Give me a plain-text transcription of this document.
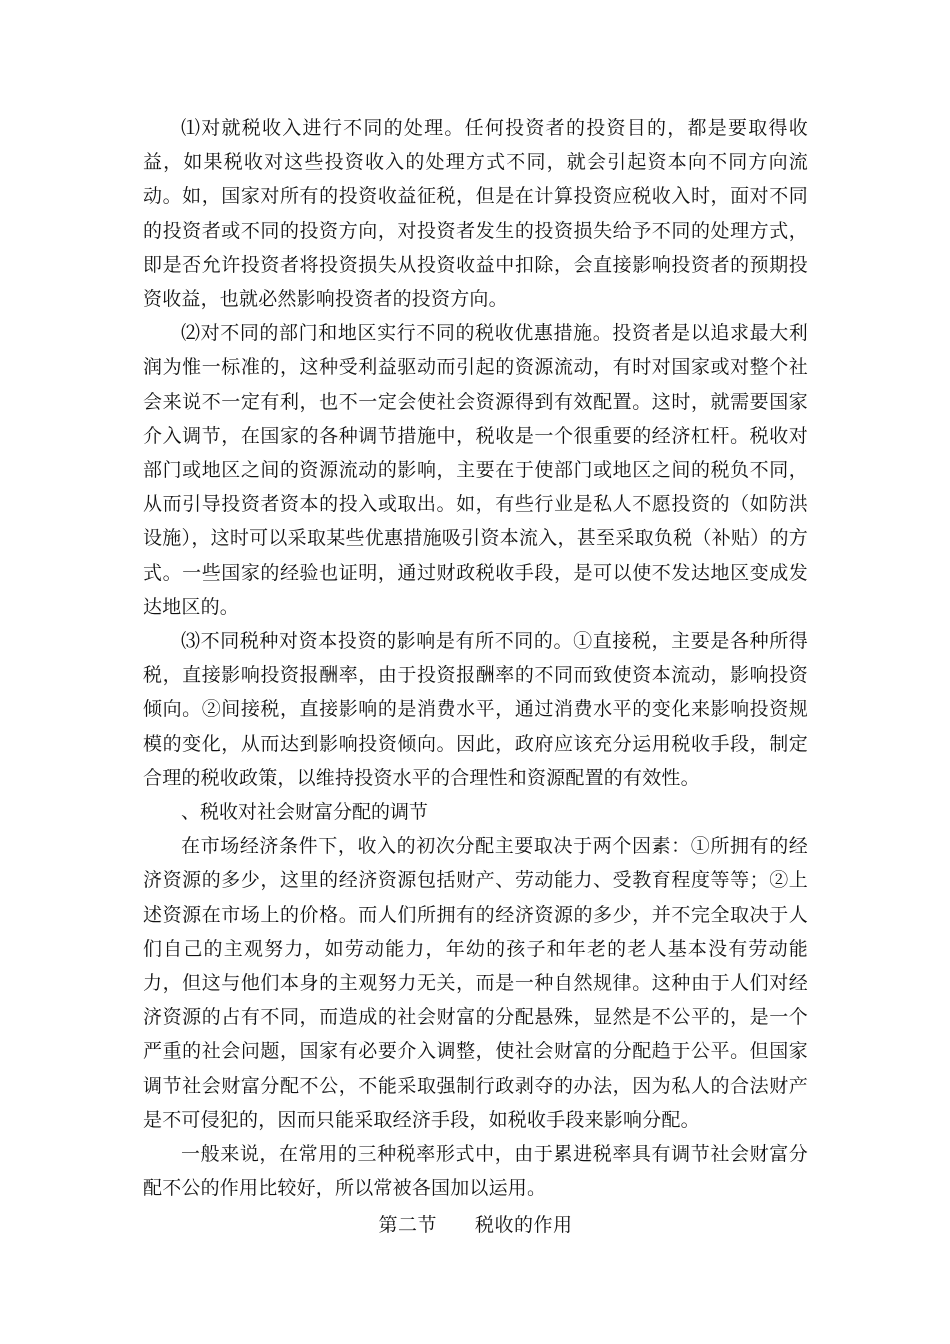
⑴对就税收入进行不同的处理。任何投资者的投资目的，都是要取得收益，如果税收对这些投资收入的处理方式不同，就会引起资本向不同方向流动。如，国家对所有的投资收益征税，但是在计算投资应税收入时，面对不同的投资者或不同的投资方向，对投资者发生的投资损失给予不同的处理方式，即是否允许投资者将投资损失从投资收益中扣除，会直接影响投资者的预期投资收益，也就必然影响投资者的投资方向。

⑵对不同的部门和地区实行不同的税收优惠措施。投资者是以追求最大利润为惟一标准的，这种受利益驱动而引起的资源流动，有时对国家或对整个社会来说不一定有利，也不一定会使社会资源得到有效配置。这时，就需要国家介入调节，在国家的各种调节措施中，税收是一个很重要的经济杠杆。税收对部门或地区之间的资源流动的影响，主要在于使部门或地区之间的税负不同，从而引导投资者资本的投入或取出。如，有些行业是私人不愿投资的（如防洪设施），这时可以采取某些优惠措施吸引资本流入，甚至采取负税（补贴）的方式。一些国家的经验也证明，通过财政税收手段，是可以使不发达地区变成发达地区的。

⑶不同税种对资本投资的影响是有所不同的。①直接税，主要是各种所得税，直接影响投资报酬率，由于投资报酬率的不同而致使资本流动，影响投资倾向。②间接税，直接影响的是消费水平，通过消费水平的变化来影响投资规模的变化，从而达到影响投资倾向。因此，政府应该充分运用税收手段，制定合理的税收政策，以维持投资水平的合理性和资源配置的有效性。

、税收对社会财富分配的调节

在市场经济条件下，收入的初次分配主要取决于两个因素：①所拥有的经济资源的多少，这里的经济资源包括财产、劳动能力、受教育程度等等；②上述资源在市场上的价格。而人们所拥有的经济资源的多少，并不完全取决于人们自己的主观努力，如劳动能力，年幼的孩子和年老的老人基本没有劳动能力，但这与他们本身的主观努力无关，而是一种自然规律。这种由于人们对经济资源的占有不同，而造成的社会财富的分配悬殊，显然是不公平的，是一个严重的社会问题，国家有必要介入调整，使社会财富的分配趋于公平。但国家调节社会财富分配不公，不能采取强制行政剥夺的办法，因为私人的合法财产是不可侵犯的，因而只能采取经济手段，如税收手段来影响分配。

一般来说，在常用的三种税率形式中，由于累进税率具有调节社会财富分配不公的作用比较好，所以常被各国加以运用。

第二节 税收的作用
